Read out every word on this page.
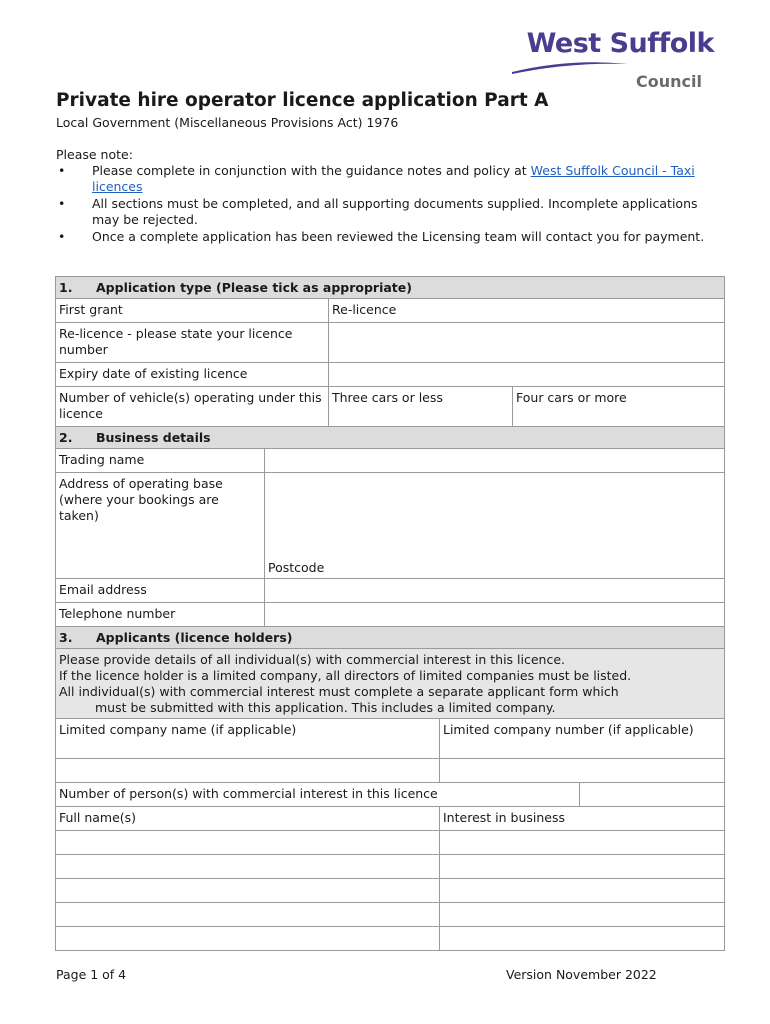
West Suffolk
Council
Private hire operator licence application Part A
Local Government (Miscellaneous Provisions Act) 1976
Please note:
• Please complete in conjunction with the guidance notes and policy at West Suffolk Council - Taxi licences
• All sections must be completed, and all supporting documents supplied. Incomplete applications may be rejected.
• Once a complete application has been reviewed the Licensing team will contact you for payment.
1. Application type (Please tick as appropriate)					
First grant		Re-licence			
Re-licence - please state your licence number					
Expiry date of existing licence					
Number of vehicle(s) operating under this licence		Three cars or less		Four cars or more	
2. Business details					
Trading name					
Address of operating base (where your bookings are taken)	Postcode				
Email address					
Telephone number					
3. Applicants (licence holders)					

Please provide details of all individual(s) with commercial interest in this licence.
If the licence holder is a limited company, all directors of limited companies must be listed.
All individual(s) with commercial interest must complete a separate applicant form which
must be submitted with this application. This includes a limited company.					

Limited company name (if applicable)			Limited company number (if applicable)		

Number of person(s) with commercial interest in this licence					
Full name(s)			Interest in business		

Page 1 of 4	Version November 2022
